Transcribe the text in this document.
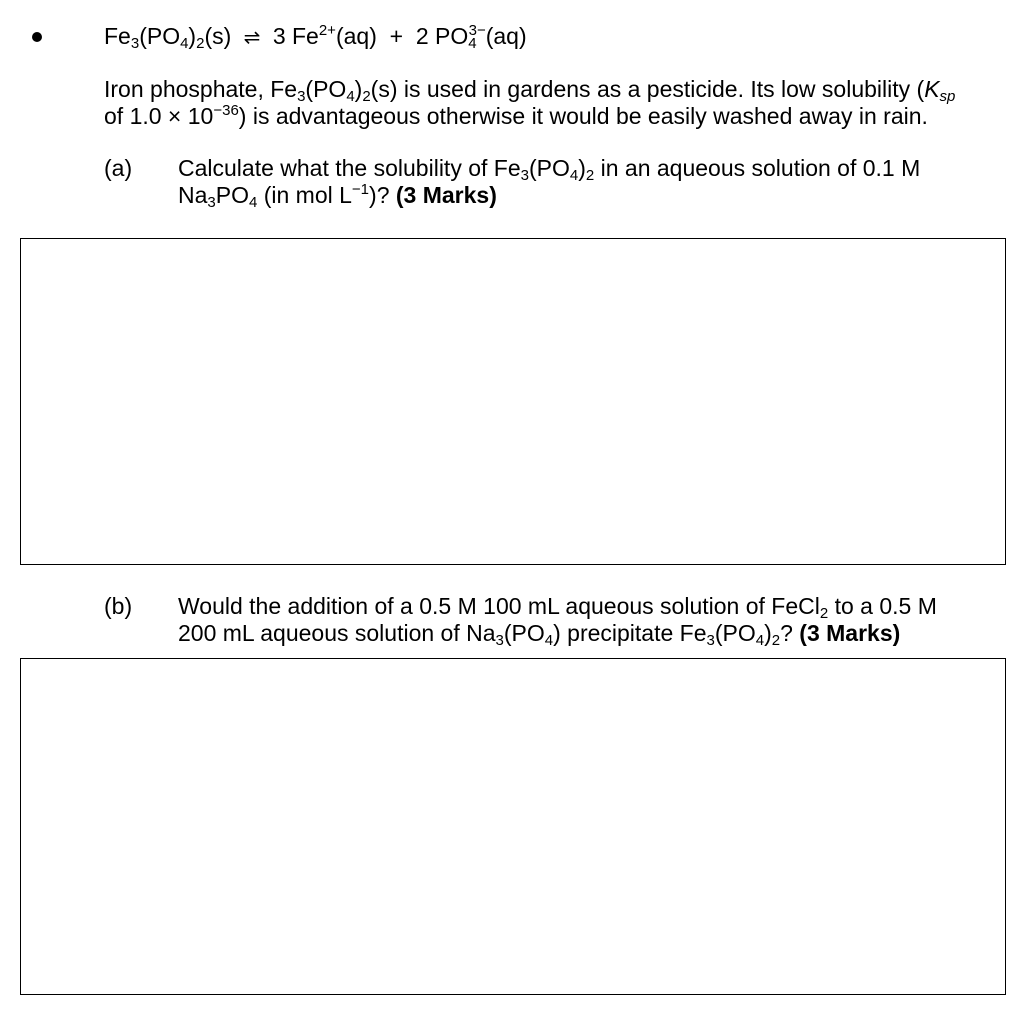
$Fe_3(PO_4)_2(s)$ ⇌ 3 $Fe^{2+}(aq) + 2$ $PO_4^{3-}(aq)$
Iron phosphate, $Fe_3(PO_4)_2(s)$ is used in gardens as a pesticide. Its low solubility ($K_{sp}$
of $1.0 \times 10^{-36}$) is advantageous otherwise it would be easily washed away in rain.
(a) Calculate what the solubility of $Fe_3(PO_4)_2$ in an aqueous solution of 0.1 M
$Na_3PO_4$ (in mol $L^{-1}$)? (3 Marks)
(b) Would the addition of a 0.5 M 100 mL aqueous solution of FeCl$_2$ to a 0.5 M
200 mL aqueous solution of $Na_3(PO_4)$ precipitate $Fe_3(PO_4)_2$? (3 Marks)
